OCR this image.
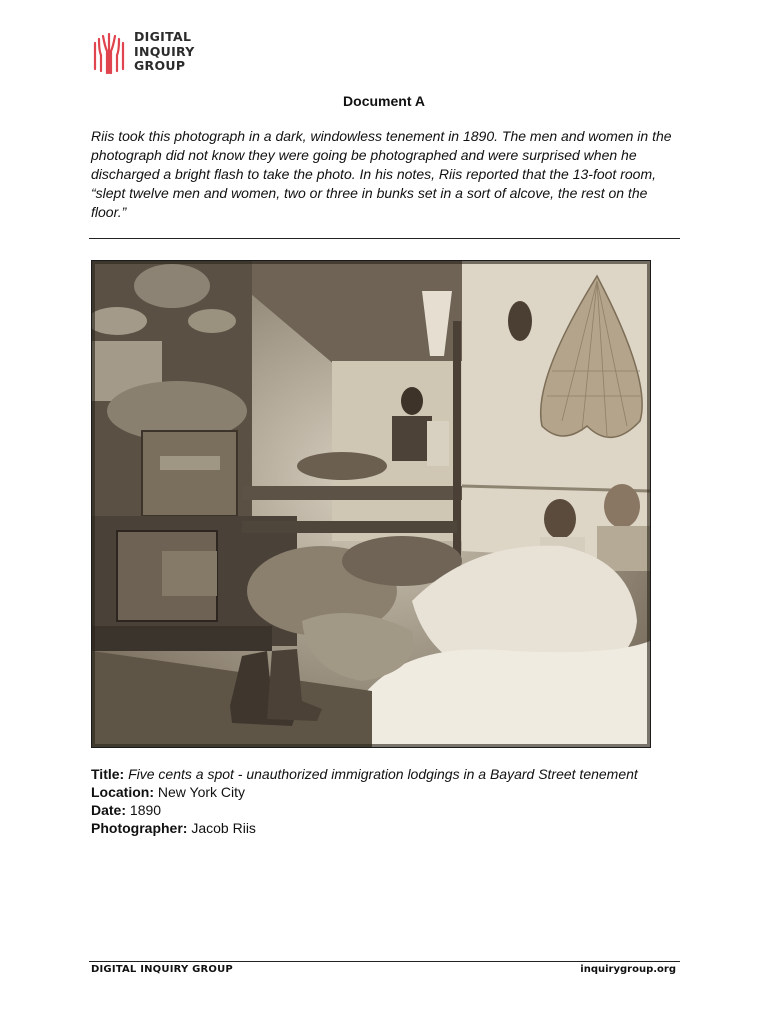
DIGITAL
INQUIRY
GROUP
Document A

Riis took this photograph in a dark, windowless tenement in 1890. The men and women in the photograph did not know they were going be photographed and were surprised when he discharged a bright flash to take the photo. In his notes, Riis reported that the 13-foot room, “slept twelve men and women, two or three in bunks set in a sort of alcove, the rest on the floor.”

Title: Five cents a spot - unauthorized immigration lodgings in a Bayard Street tenement

Location: New York City

Date: 1890

Photographer: Jacob Riis

DIGITAL INQUIRY GROUP	inquirygroup.org
